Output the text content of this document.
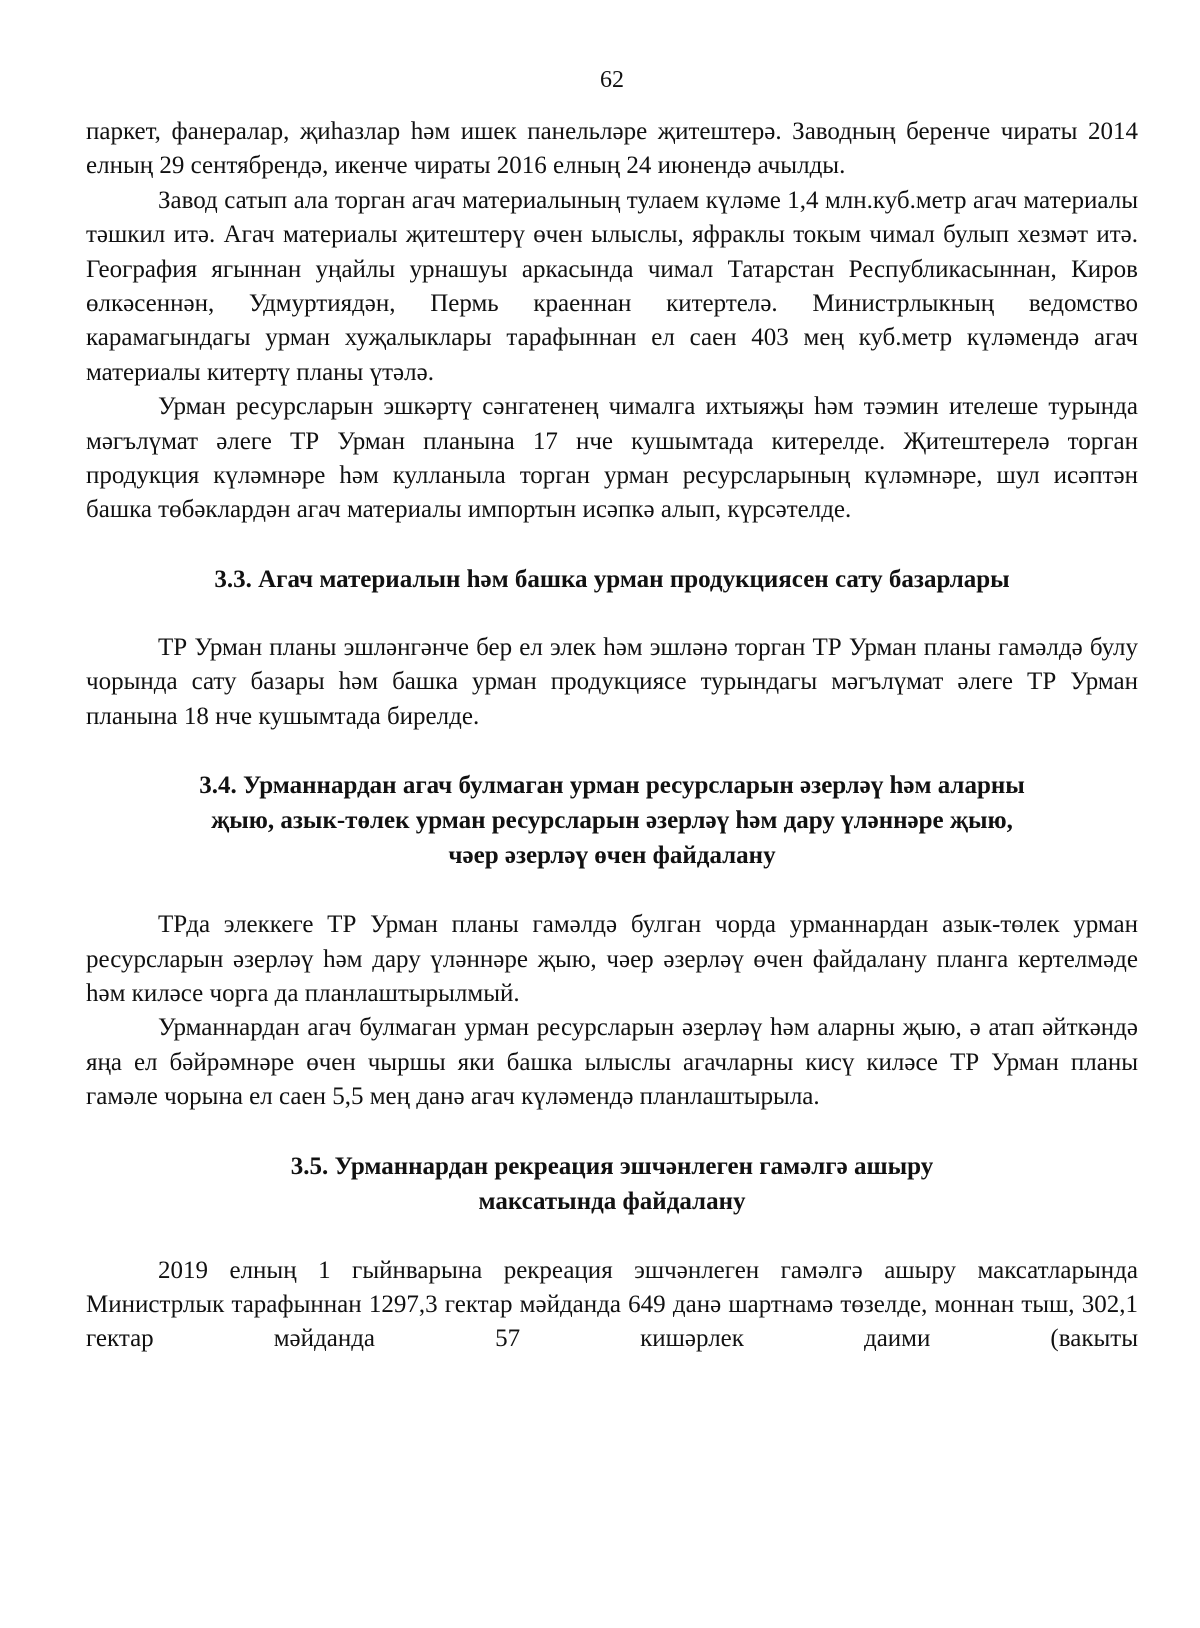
62

паркет, фанералар, җиһазлар һәм ишек панельләре җитештерә. Заводның беренче чираты 2014 елның 29 сентябрендә, икенче чираты 2016 елның 24 июнендә ачылды.

Завод сатып ала торган агач материалының тулаем күләме 1,4 млн.куб.метр агач материалы тәшкил итә. Агач материалы җитештерү өчен ылыслы, яфраклы токым чимал булып хезмәт итә. География ягыннан уңайлы урнашуы аркасында чимал Татарстан Республикасыннан, Киров өлкәсеннән, Удмуртиядән, Пермь краеннан китертелә. Министрлыкның ведомство карамагындагы урман хуҗалыклары тарафыннан ел саен 403 мең куб.метр күләмендә агач материалы китертү планы үтәлә.

Урман ресурсларын эшкәртү сәнгатенең чималга ихтыяҗы һәм тәэмин ителеше турында мәгълүмат әлеге ТР Урман планына 17 нче кушымтада китерелде. Җитештерелә торган продукция күләмнәре һәм кулланыла торган урман ресурсларының күләмнәре, шул исәптән башка төбәклардән агач материалы импортын исәпкә алып, күрсәтелде.

3.3. Агач материалын һәм башка урман продукциясен сату базарлары

ТР Урман планы эшләнгәнче бер ел элек һәм эшләнә торган ТР Урман планы гамәлдә булу чорында сату базары һәм башка урман продукциясе турындагы мәгълүмат әлеге ТР Урман планына 18 нче кушымтада бирелде.

3.4. Урманнардан агач булмаган урман ресурсларын әзерләү һәм аларны
җыю, азык-төлек урман ресурсларын әзерләү һәм дару үләннәре җыю,
чәер әзерләү өчен файдалану

ТРда элеккеге ТР Урман планы гамәлдә булган чорда урманнардан азык-төлек урман ресурсларын әзерләү һәм дару үләннәре җыю, чәер әзерләү өчен файдалану планга кертелмәде һәм киләсе чорга да планлаштырылмый.

Урманнардан агач булмаган урман ресурсларын әзерләү һәм аларны җыю, ә атап әйткәндә яңа ел бәйрәмнәре өчен чыршы яки башка ылыслы агачларны кисү киләсе ТР Урман планы гамәле чорына ел саен 5,5 мең данә агач күләмендә планлаштырыла.

3.5. Урманнардан рекреация эшчәнлеген гамәлгә ашыру
максатында файдалану

2019 елның 1 гыйнварына рекреация эшчәнлеген гамәлгә ашыру максатларында Министрлык тарафыннан 1297,3 гектар мәйданда 649 данә шартнамә төзелде, моннан тыш, 302,1 гектар мәйданда 57 кишәрлек даими (вакыты
